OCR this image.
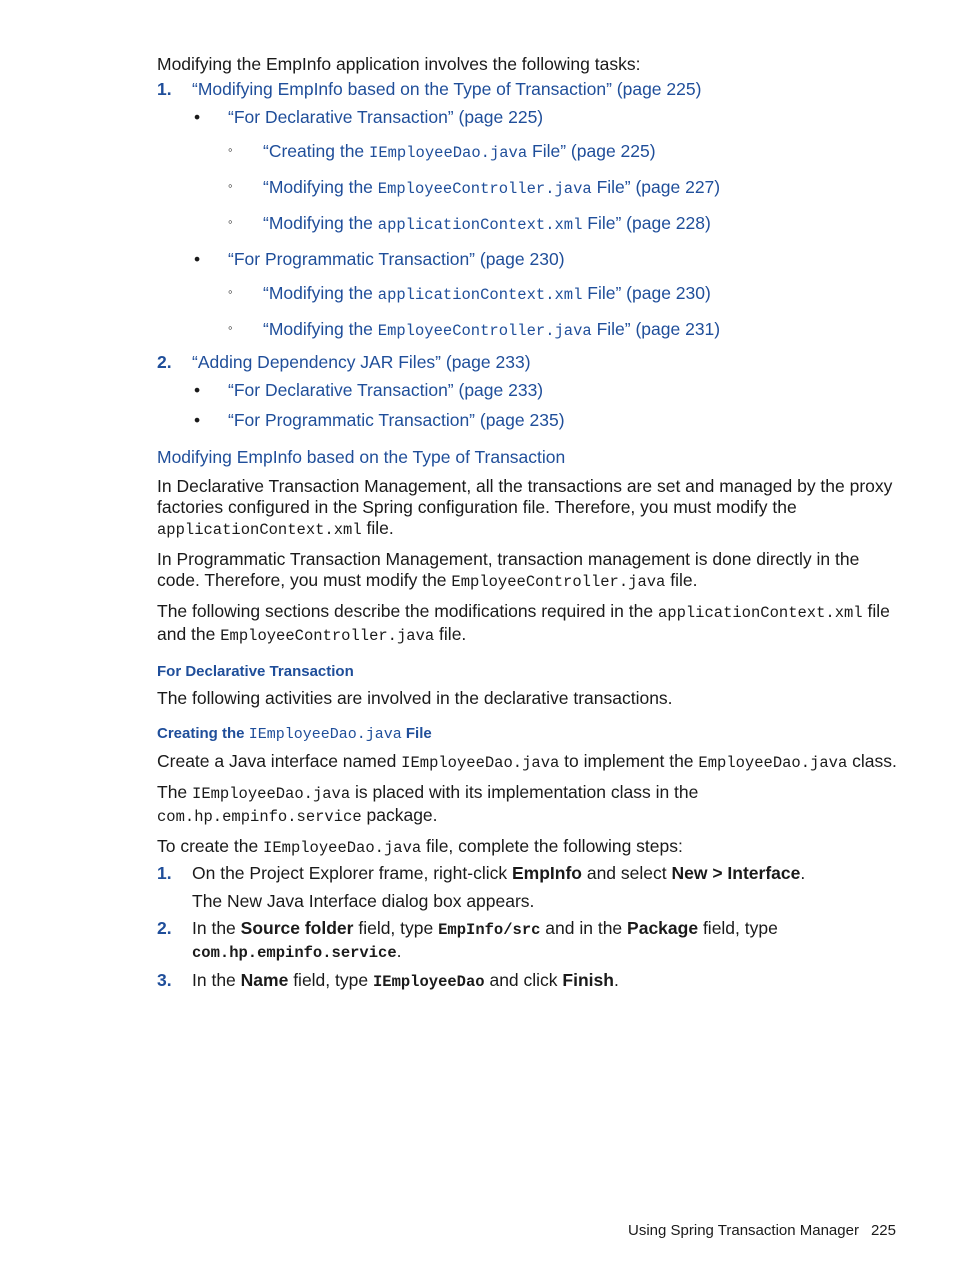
Modifying the EmpInfo application involves the following tasks:

1. “Modifying EmpInfo based on the Type of Transaction” (page 225)
• “For Declarative Transaction” (page 225)
◦ “Creating the IEmployeeDao.java File” (page 225)
◦ “Modifying the EmployeeController.java File” (page 227)
◦ “Modifying the applicationContext.xml File” (page 228)
• “For Programmatic Transaction” (page 230)
◦ “Modifying the applicationContext.xml File” (page 230)
◦ “Modifying the EmployeeController.java File” (page 231)
2. “Adding Dependency JAR Files” (page 233)
• “For Declarative Transaction” (page 233)
• “For Programmatic Transaction” (page 235)
Modifying EmpInfo based on the Type of Transaction

In Declarative Transaction Management, all the transactions are set and managed by the proxy factories configured in the Spring configuration file. Therefore, you must modify the applicationContext.xml file.

In Programmatic Transaction Management, transaction management is done directly in the code. Therefore, you must modify the EmployeeController.java file.

The following sections describe the modifications required in the applicationContext.xml file and the EmployeeController.java file.

For Declarative Transaction

The following activities are involved in the declarative transactions.

Creating the IEmployeeDao.java File

Create a Java interface named IEmployeeDao.java to implement the EmployeeDao.java class.

The IEmployeeDao.java is placed with its implementation class in the
com.hp.empinfo.service package.

To create the IEmployeeDao.java file, complete the following steps:

1. On the Project Explorer frame, right-click EmpInfo and select New > Interface.
The New Java Interface dialog box appears.
2. In the Source folder field, type EmpInfo/src and in the Package field, type
com.hp.empinfo.service.
3. In the Name field, type IEmployeeDao and click Finish.
Using Spring Transaction Manager 225
